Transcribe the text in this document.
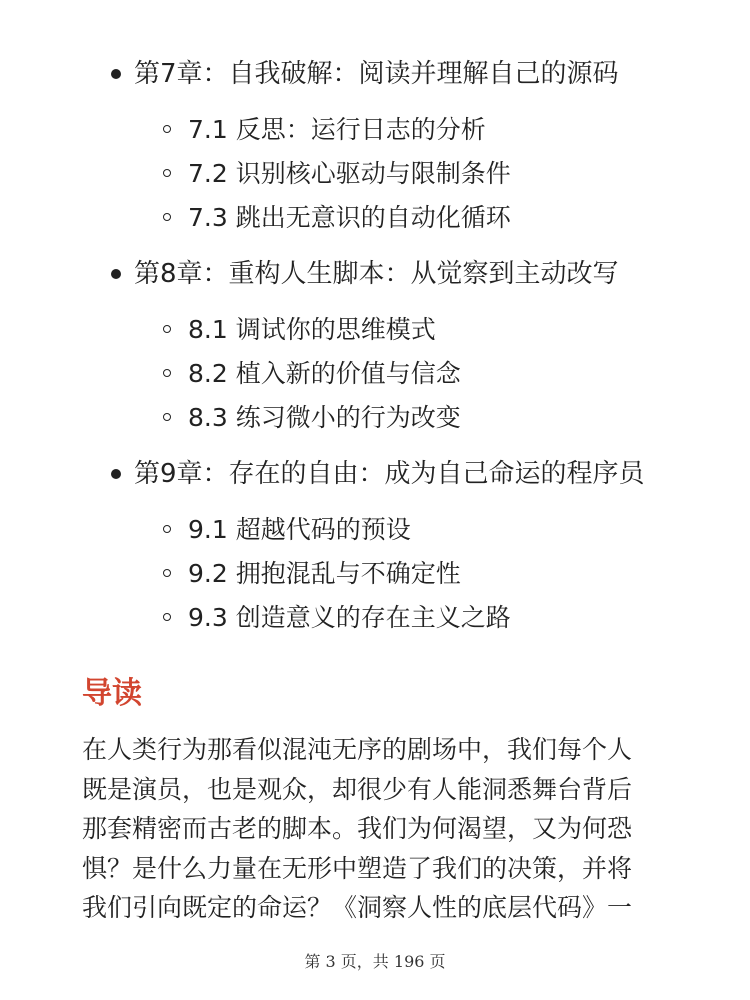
第7章：自我破解：阅读并理解自己的源码
7.1 反思：运行日志的分析
7.2 识别核心驱动与限制条件
7.3 跳出无意识的自动化循环
第8章：重构人生脚本：从觉察到主动改写
8.1 调试你的思维模式
8.2 植入新的价值与信念
8.3 练习微小的行为改变
第9章：存在的自由：成为自己命运的程序员
9.1 超越代码的预设
9.2 拥抱混乱与不确定性
9.3 创造意义的存在主义之路
导读
在人类行为那看似混沌无序的剧场中，我们每个人
既是演员，也是观众，却很少有人能洞悉舞台背后
那套精密而古老的脚本。我们为何渴望，又为何恐
惧？是什么力量在无形中塑造了我们的决策，并将
我们引向既定的命运？《洞察人性的底层代码》一
第 3 页，共 196 页
